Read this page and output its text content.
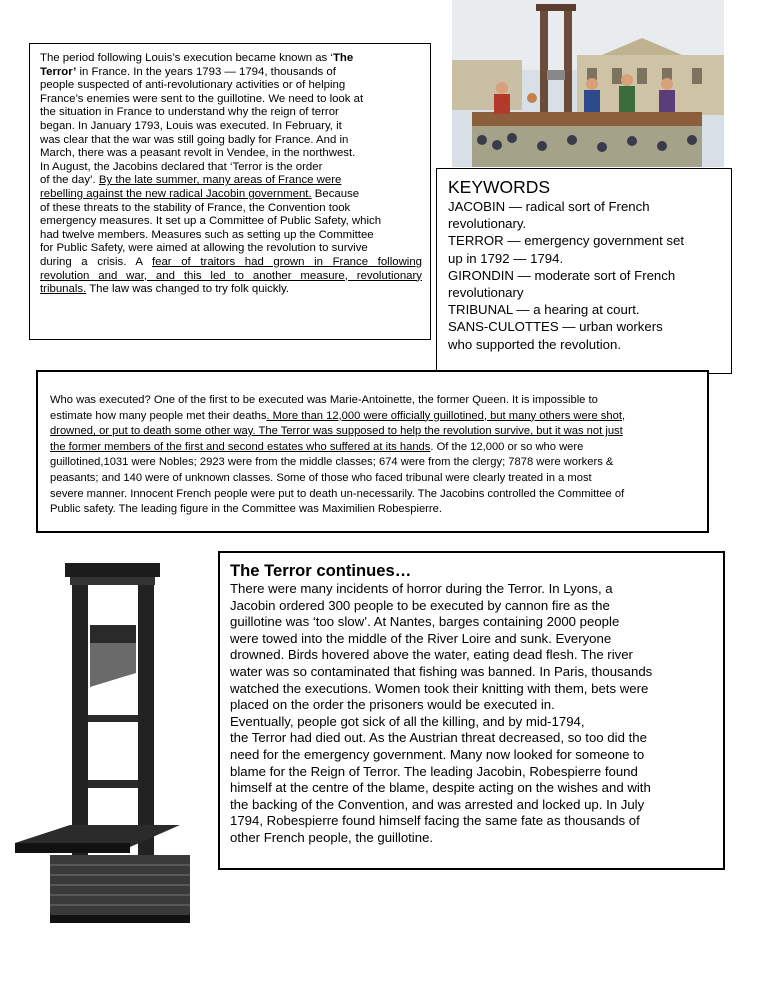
The period following Louis’s execution became known as ‘The
Terror’ in France. In the years 1793 — 1794, thousands of
people suspected of anti-revolutionary activities or of helping
France’s enemies were sent to the guillotine. We need to look at
the situation in France to understand why the reign of terror
began. In January 1793, Louis was executed. In February, it
was clear that the war was still going badly for France. And in
March, there was a peasant revolt in Vendee, in the northwest.
In August, the Jacobins declared that ‘Terror is the order
of the day’. By the late summer, many areas of France were
rebelling against the new radical Jacobin government. Because
of these threats to the stability of France, the Convention took
emergency measures. It set up a Committee of Public Safety, which
had twelve members. Measures such as setting up the Committee
for Public Safety, were aimed at allowing the revolution to survive
during a crisis. A fear of traitors had grown in France following
revolution and war, and this led to another measure, revolutionary
tribunals. The law was changed to try folk quickly.
KEYWORDS
JACOBIN — radical sort of French
revolutionary.
TERROR — emergency government set
up in 1792 — 1794.
GIRONDIN — moderate sort of French
revolutionary
TRIBUNAL — a hearing at court.
SANS-CULOTTES — urban workers
who supported the revolution.
Who was executed? One of the first to be executed was Marie-Antoinette, the former Queen. It is impossible to
estimate how many people met their deaths. More than 12,000 were officially guillotined, but many others were shot,
drowned, or put to death some other way. The Terror was supposed to help the revolution survive, but it was not just
the former members of the first and second estates who suffered at its hands. Of the 12,000 or so who were
guillotined,1031 were Nobles; 2923 were from the middle classes; 674 were from the clergy; 7878 were workers &
peasants; and 140 were of unknown classes. Some of those who faced tribunal were clearly treated in a most
severe manner. Innocent French people were put to death un-necessarily. The Jacobins controlled the Committee of
Public safety. The leading figure in the Committee was Maximilien Robespierre.
The Terror continues…
There were many incidents of horror during the Terror. In Lyons, a
Jacobin ordered 300 people to be executed by cannon fire as the
guillotine was ‘too slow’. At Nantes, barges containing 2000 people
were towed into the middle of the River Loire and sunk. Everyone
drowned. Birds hovered above the water, eating dead flesh. The river
water was so contaminated that fishing was banned. In Paris, thousands
watched the executions. Women took their knitting with them, bets were
placed on the order the prisoners would be executed in.
Eventually, people got sick of all the killing, and by mid-1794,
the Terror had died out. As the Austrian threat decreased, so too did the
need for the emergency government. Many now looked for someone to
blame for the Reign of Terror. The leading Jacobin, Robespierre found
himself at the centre of the blame, despite acting on the wishes and with
the backing of the Convention, and was arrested and locked up. In July
1794, Robespierre found himself facing the same fate as thousands of
other French people, the guillotine.
